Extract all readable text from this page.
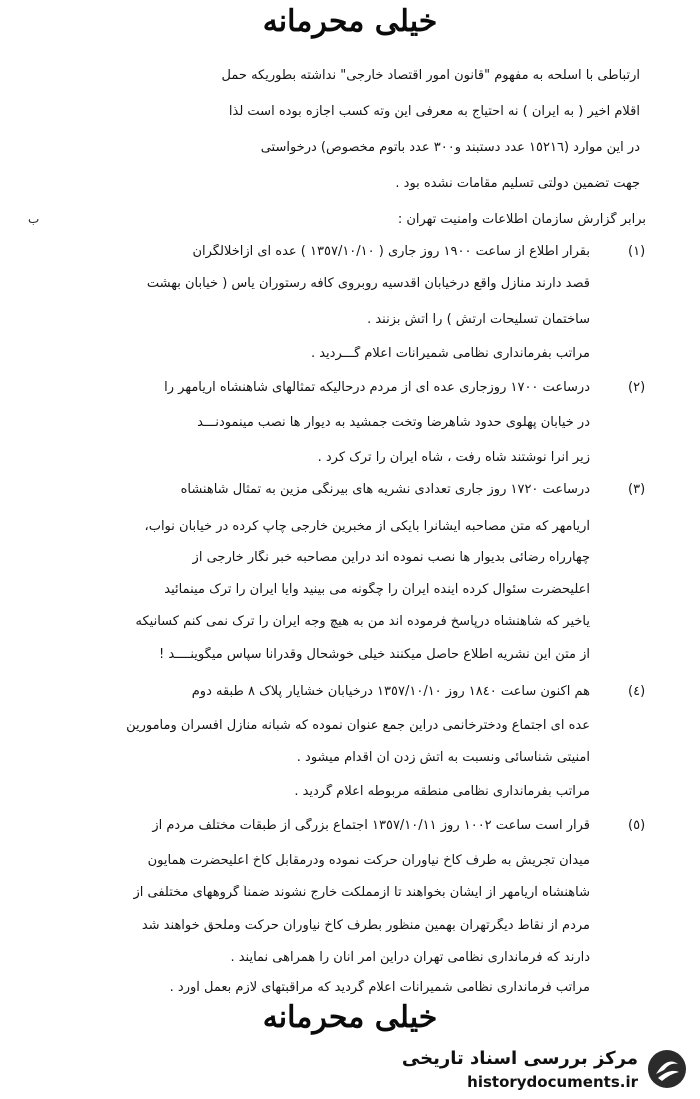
خیلی محرمانه
ارتباطی با اسلحه به مفهوم "قانون امور اقتصاد خارجی" نداشته بطوریکه حمل
اقلام اخیر ( به ایران ) نه احتیاج به معرفی این وته کسب اجازه بوده است لذا
در این موارد (١٥٢١٦ عدد دستبند و٣٠٠ عدد باتوم مخصوص) درخواستی
جهت تضمین دولتی تسلیم مقامات نشده بود .
ب	برابر گزارش سازمان اطلاعات وامنیت تهران :
(١)
بقرار اطلاع از ساعت ١٩٠٠ روز جاری ( ١٣٥٧/١٠/١٠ ) عده ای ازاخلالگران
قصد دارند منازل واقع درخیابان اقدسیه روبروی کافه رستوران یاس ( خیابان بهشت
ساختمان تسلیحات ارتش ) را آتش بزنند .
مراتب بفرمانداری نظامی شمیرانات اعلام گـــردید .
(٢)
درساعت ١٧٠٠ روزجاری عده ای از مردم درحالیکه تمثالهای شاهنشاه آریامهر را
در خیابان پهلوی حدود شاهرضا وتخت جمشید به دیوار ها نصب مینمودنـــد
زیر آنرا نوشتند شاه رفت ، شاه ایران را ترک کرد .
(٣)
درساعت ١٧٢٠ روز جاری تعدادی نشریه های بیرنگی مزین به تمثال شاهنشاه
آریامهر که متن مصاحبه ایشانرا بایکی از مخبرین خارجی چاپ کرده در خیابان نواب،
چهارراه رضائی بدیوار ها نصب نموده اند دراین مصاحبه خبر نگار خارجی از
اعلیحضرت سئوال کرده آینده ایران را چگونه می بینید وآیا ایران را ترک مینمائید
یاخیر که شاهنشاه درپاسخ فرموده اند من به هیچ وجه ایران را ترک نمی کنم کسانیکه
از متن این نشریه اطلاع حاصل میکنند خیلی خوشحال وقدرانا سپاس میگوینــــد !
(٤)
هم اکنون ساعت ١٨٤٠ روز ١٣٥٧/١٠/١٠ درخیابان خشایار پلاک ٨ طبقه دوم
عده ای اجتماع ودخترخانمی دراین جمع عنوان نموده که شبانه منازل افسران ومأمورین
امنیتی شناسائی ونسبت به آتش زدن آن اقدام میشود .
مراتب بفرمانداری نظامی منطقه مربوطه اعلام گردید .
(٥)
قرار است ساعت ١٠٠٢ روز ١٣٥٧/١٠/١١ اجتماع بزرگی از طبقات مختلف مردم از
میدان تجریش به طرف کاخ نیاوران حرکت نموده ودرمقابل کاخ اعلیحضرت همایون
شاهنشاه آریامهر از ایشان بخواهند تا ازمملکت خارج نشوند ضمناً گروههای مختلفی از
مردم از نقاط دیگرتهران بهمین منظور بطرف کاخ نیاوران حرکت وملحق خواهند شد
دارند که فرمانداری نظامی تهران دراین امر آنان را همراهی نمایند .
مراتب فرمانداری نظامی شمیرانات اعلام گردید که مراقبتهای لازم بعمل آورد .
خیلی محرمانه
مرکز بررسی اسناد تاریخی
historydocuments.ir
